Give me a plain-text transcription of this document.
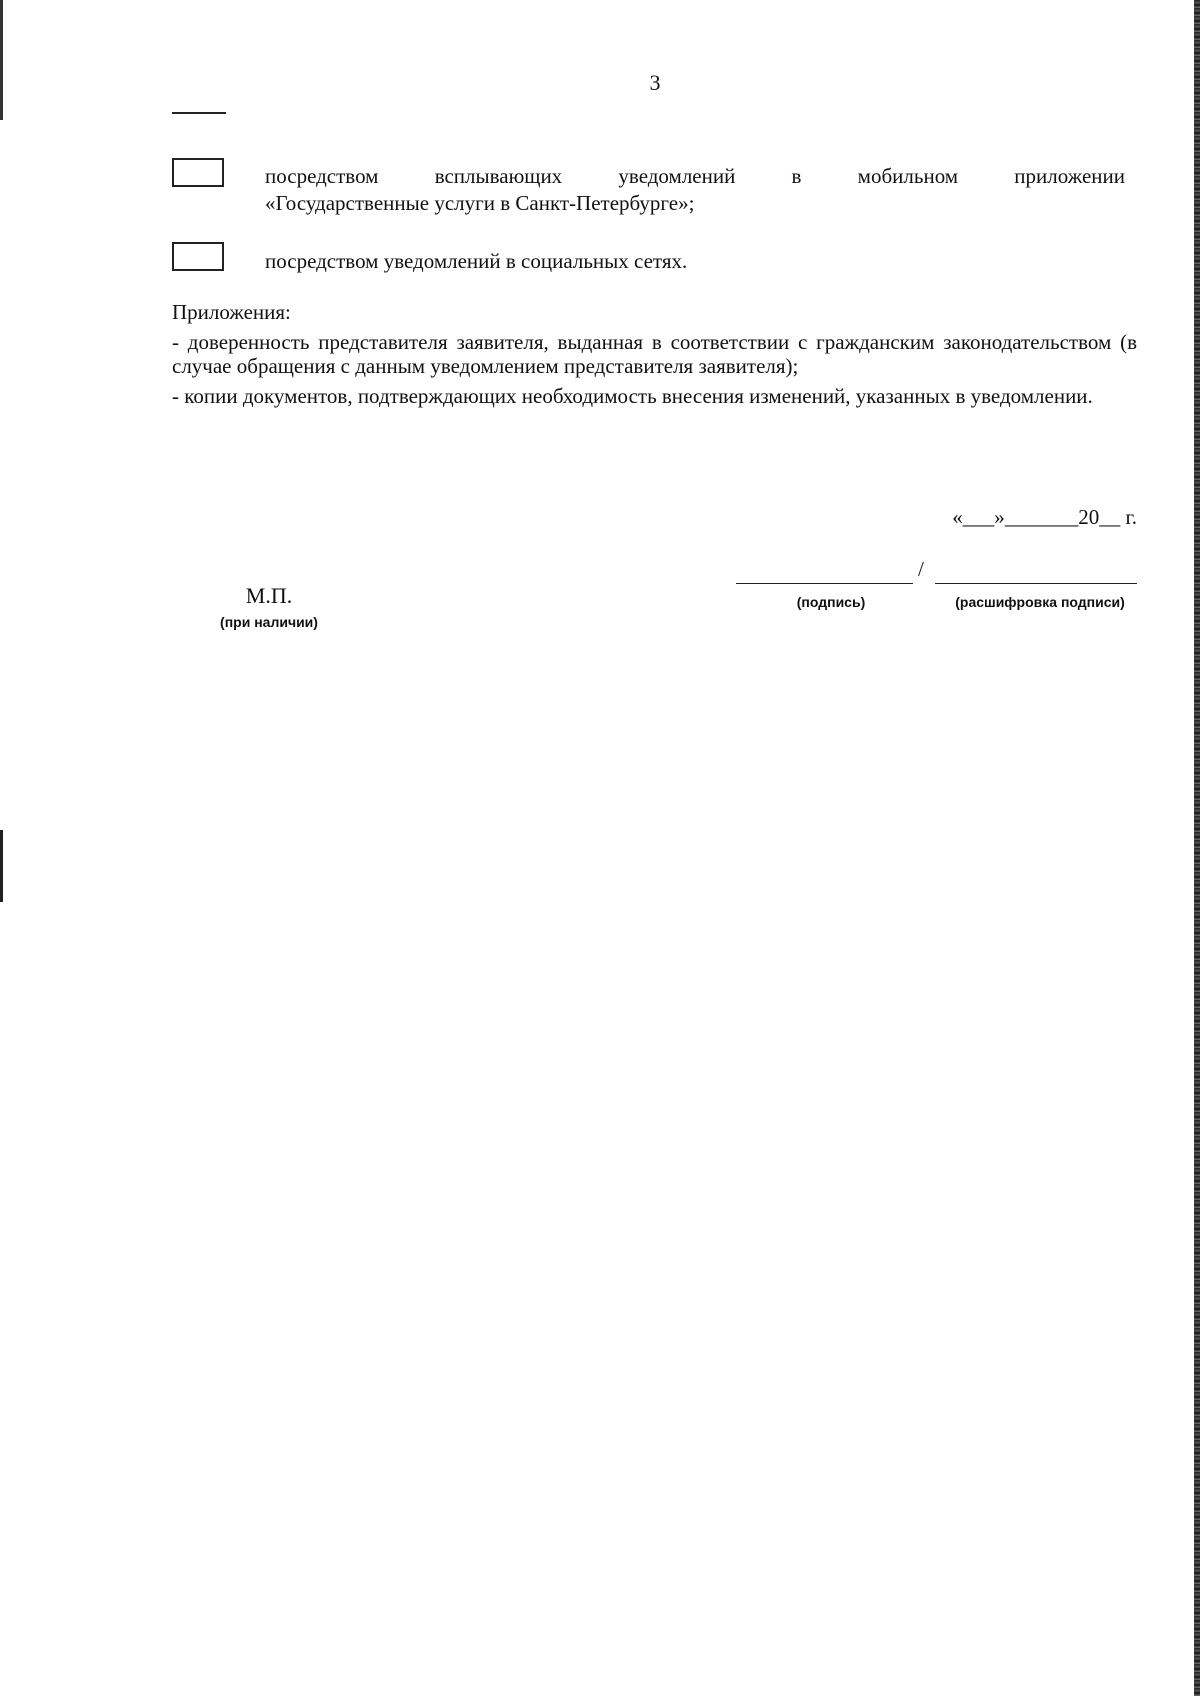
3
посредством всплывающих уведомлений в мобильном приложении
«Государственные услуги в Санкт-Петербурге»;
посредством уведомлений в социальных сетях.

Приложения:

- доверенность представителя заявителя, выданная в соответствии с гражданским законодательством (в случае обращения с данным уведомлением представителя заявителя);

- копии документов, подтверждающих необходимость внесения изменений, указанных в уведомлении.

«___»_______20__ г.
/
М.П.
(при наличии)
(подпись)	(расшифровка подписи)
